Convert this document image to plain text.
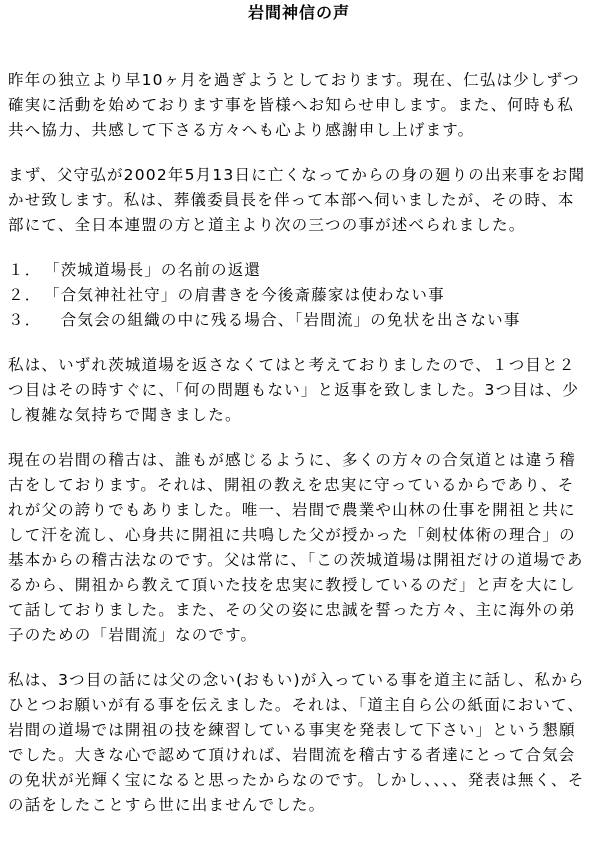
岩間神信の声

昨年の独立より早10ヶ月を過ぎようとしております。現在、仁弘は少しずつ確実に活動を始めております事を皆様へお知らせ申します。また、何時も私共へ協力、共感して下さる方々へも心より感謝申し上げます。

まず、父守弘が2002年5月13日に亡くなってからの身の廻りの出来事をお聞かせ致します。私は、葬儀委員長を伴って本部へ伺いましたが、その時、本部にて、全日本連盟の方と道主より次の三つの事が述べられました。

１． 「茨城道場長」の名前の返還

２． 「合気神社社守」の肩書きを今後斎藤家は使わない事

３．　合気会の組織の中に残る場合、「岩間流」の免状を出さない事

私は、いずれ茨城道場を返さなくてはと考えておりましたので、１つ目と２つ目はその時すぐに、「何の問題もない」と返事を致しました。3つ目は、少し複雑な気持ちで聞きました。

現在の岩間の稽古は、誰もが感じるように、多くの方々の合気道とは違う稽古をしております。それは、開祖の教えを忠実に守っているからであり、それが父の誇りでもありました。唯一、岩間で農業や山林の仕事を開祖と共にして汗を流し、心身共に開祖に共鳴した父が授かった「剣杖体術の理合」の基本からの稽古法なのです。父は常に、「この茨城道場は開祖だけの道場であるから、開祖から教えて頂いた技を忠実に教授しているのだ」と声を大にして話しておりました。また、その父の姿に忠誠を誓った方々、主に海外の弟子のための「岩間流」なのです。

私は、3つ目の話には父の念い(おもい)が入っている事を道主に話し、私からひとつお願いが有る事を伝えました。それは、「道主自ら公の紙面において、岩間の道場では開祖の技を練習している事実を発表して下さい」という懇願でした。大きな心で認めて頂ければ、岩間流を稽古する者達にとって合気会の免状が光輝く宝になると思ったからなのです。しかし、、、、発表は無く、その話をしたことすら世に出ませんでした。
